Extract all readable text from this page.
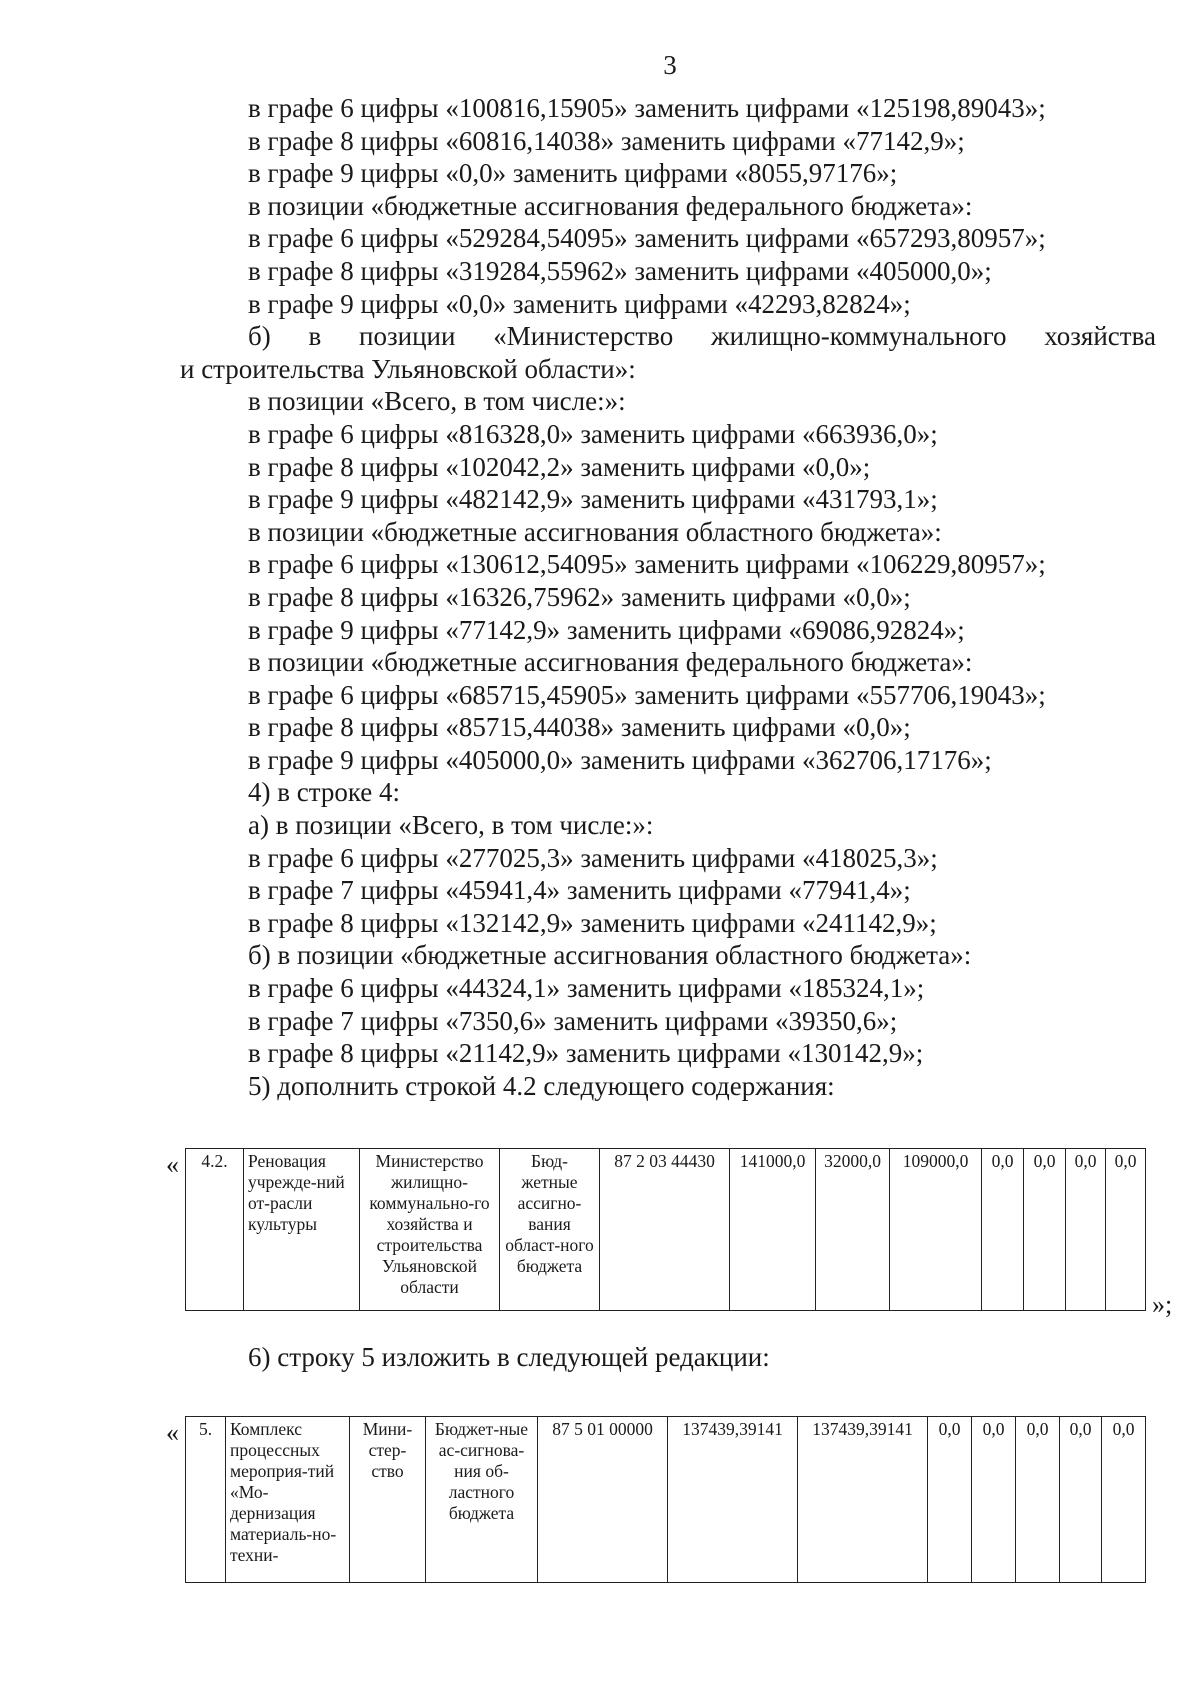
3
в графе 6 цифры «100816,15905» заменить цифрами «125198,89043»;
в графе 8 цифры «60816,14038» заменить цифрами «77142,9»;
в графе 9 цифры «0,0» заменить цифрами «8055,97176»;
в позиции «бюджетные ассигнования федерального бюджета»:
в графе 6 цифры «529284,54095» заменить цифрами «657293,80957»;
в графе 8 цифры «319284,55962» заменить цифрами «405000,0»;
в графе 9 цифры «0,0» заменить цифрами «42293,82824»;
б) в позиции «Министерство жилищно-коммунального хозяйства
и строительства Ульяновской области»:
в позиции «Всего, в том числе:»:
в графе 6 цифры «816328,0» заменить цифрами «663936,0»;
в графе 8 цифры «102042,2» заменить цифрами «0,0»;
в графе 9 цифры «482142,9» заменить цифрами «431793,1»;
в позиции «бюджетные ассигнования областного бюджета»:
в графе 6 цифры «130612,54095» заменить цифрами «106229,80957»;
в графе 8 цифры «16326,75962» заменить цифрами «0,0»;
в графе 9 цифры «77142,9» заменить цифрами «69086,92824»;
в позиции «бюджетные ассигнования федерального бюджета»:
в графе 6 цифры «685715,45905» заменить цифрами «557706,19043»;
в графе 8 цифры «85715,44038» заменить цифрами «0,0»;
в графе 9 цифры «405000,0» заменить цифрами «362706,17176»;
4) в строке 4:
а) в позиции «Всего, в том числе:»:
в графе 6 цифры «277025,3» заменить цифрами «418025,3»;
в графе 7 цифры «45941,4» заменить цифрами «77941,4»;
в графе 8 цифры «132142,9» заменить цифрами «241142,9»;
б) в позиции «бюджетные ассигнования областного бюджета»:
в графе 6 цифры «44324,1» заменить цифрами «185324,1»;
в графе 7 цифры «7350,6» заменить цифрами «39350,6»;
в графе 8 цифры «21142,9» заменить цифрами «130142,9»;
5) дополнить строкой 4.2 следующего содержания:
« 4.2.	Реновация учрежде-ний от-расли культуры	Министерство жилищно-коммунально-го хозяйства и строительства Ульяновской области	Бюд-жетные ассигно-вания област-ного бюджета	87 2 03 44430	141000,0	32000,0	109000,0	0,0	0,0	0,0	0,0
»;
6) строку 5 изложить в следующей редакции:
« 5.	Комплекс процессных мероприя-тий «Мо-дернизация материаль-но-техни-	Мини-стер-ство	Бюджет-ные ас-сигнова-ния об-ластного бюджета	87 5 01 00000	137439,39141	137439,39141	0,0	0,0	0,0	0,0	0,0
